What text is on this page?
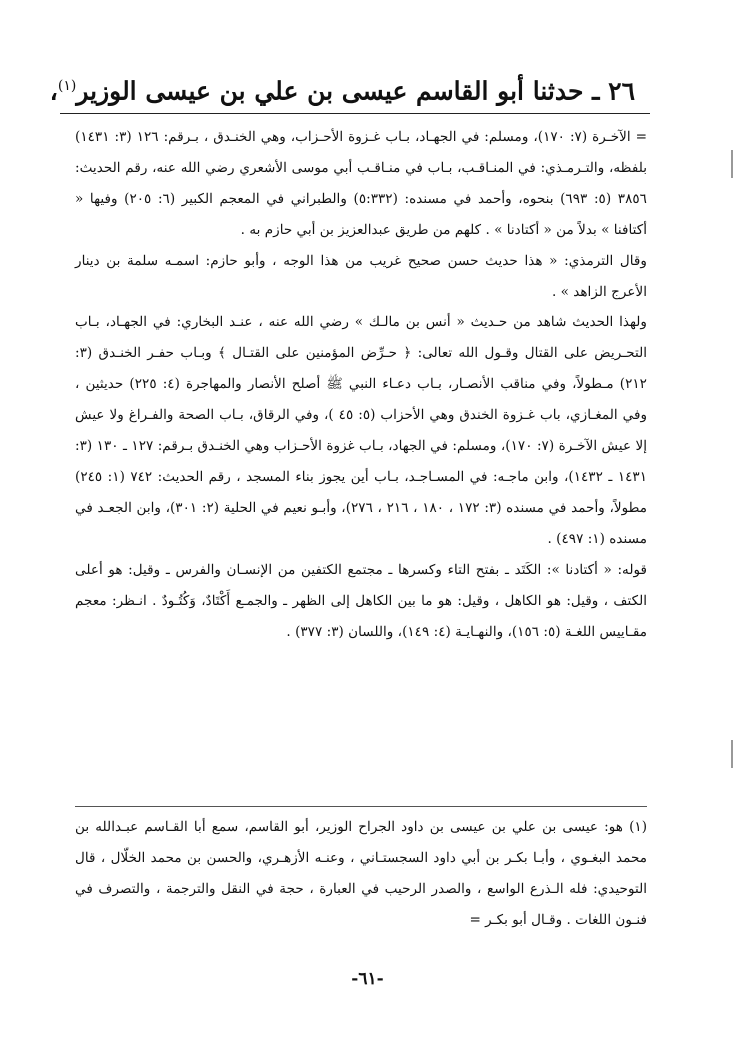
٢٦ ـ حدثنا أبو القاسم عيسى بن علي بن عيسى الوزير$^{(١)}$،

= الآخـرة (٧: ١٧٠)، ومسلم: في الجهـاد، بـاب غـزوة الأحـزاب، وهي الخنـدق ، بـرقم: ١٢٦ (٣: ١٤٣١) بلفظه، والتـرمـذي: في المنـاقـب، بـاب في منـاقـب أبي موسى الأشعري رضي الله عنه، رقم الحديث: ٣٨٥٦ (٥: ٦٩٣) بنحوه، وأحمد في مسنده: (٥:٣٣٢) والطبراني في المعجم الكبير (٦: ٢٠٥) وفيها « أكتافنا » بدلاً من « أكتادنا » . كلهم من طريق عبدالعزيز بن أبي حازم به .

وقال الترمذي: « هذا حديث حسن صحيح غريب من هذا الوجه ، وأبو حازم: اسمـه سلمة بن دينار الأعرج الزاهد » .

ولهذا الحديث شاهد من حـديث « أنس بن مالـك » رضي الله عنه ، عنـد البخاري: في الجهـاد، بـاب التحـريض على القتال وقـول الله تعالى: ﴿ حـرِّض المؤمنين على القتـال ﴾ وبـاب حفـر الخنـدق (٣: ٢١٢) مـطولاً، وفي مناقب الأنصـار، بـاب دعـاء النبي ﷺ أصلح الأنصار والمهاجرة (٤: ٢٢٥) حديثين ، وفي المغـازي، باب غـزوة الخندق وهي الأحزاب (٥: ٤٥ )، وفي الرقاق، بـاب الصحة والفـراغ ولا عيش إلا عيش الآخـرة (٧: ١٧٠)، ومسلم: في الجهاد، بـاب غزوة الأحـزاب وهي الخنـدق بـرقم: ١٢٧ ـ ١٣٠ (٣: ١٤٣١ ـ ١٤٣٢)، وابن ماجـه: في المسـاجـد، بـاب أين يجوز بناء المسجد ، رقم الحديث: ٧٤٢ (١: ٢٤٥) مطولاً، وأحمد في مسنده (٣: ١٧٢ ، ١٨٠ ، ٢١٦ ، ٢٧٦)، وأبـو نعيم في الحلية (٢: ٣٠١)، وابن الجعـد في مسنده (١: ٤٩٧) .

قوله: « أكتادنا »: الكَتَد ـ بفتح التاء وكسرها ـ مجتمع الكتفين من الإنسـان والفرس ـ وقيل: هو أعلى الكتف ، وقيل: هو الكاهل ، وقيل: هو ما بين الكاهل إلى الظهر ـ والجمـع أَكْتَادٌ، وَكُتُـودٌ . انـظر: معجم مقـاييس اللغـة (٥: ١٥٦)، والنهـايـة (٤: ١٤٩)، واللسان (٣: ٣٧٧) .

(١) هو: عيسى بن علي بن عيسى بن داود الجراح الوزير، أبو القاسم، سمع أبا القـاسم عبـدالله بن محمد البغـوي ، وأبـا بكـر بن أبي داود السجستـاني ، وعنـه الأزهـري، والحسن بن محمد الخلّال ، قال التوحيدي: فله الـذرع الواسع ، والصدر الرحيب في العبارة ، حجة في النقل والترجمة ، والتصرف في فنـون اللغات . وقـال أبو بكـر =

-٦١-
